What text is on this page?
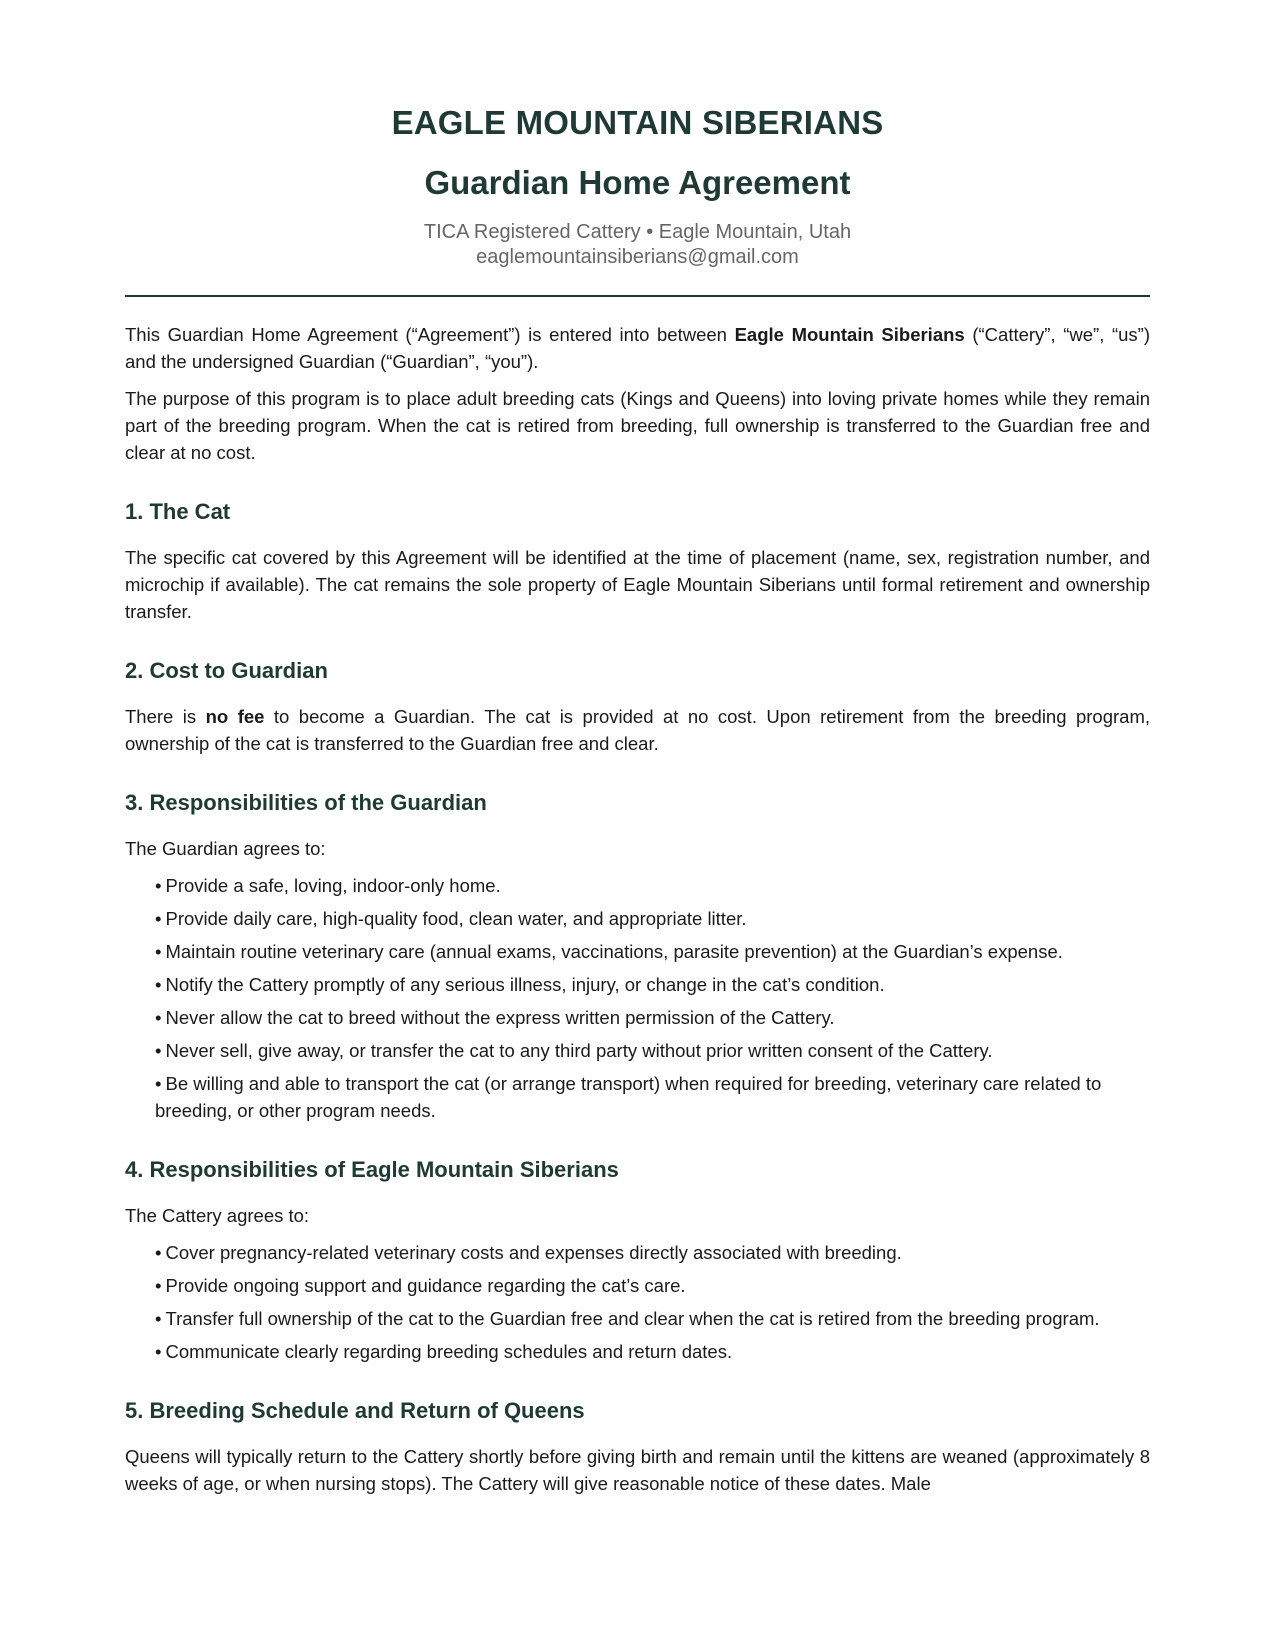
EAGLE MOUNTAIN SIBERIANS
Guardian Home Agreement
TICA Registered Cattery • Eagle Mountain, Utah
eaglemountainsiberians@gmail.com

This Guardian Home Agreement (“Agreement”) is entered into between Eagle Mountain Siberians (“Cattery”, “we”, “us”) and the undersigned Guardian (“Guardian”, “you”).

The purpose of this program is to place adult breeding cats (Kings and Queens) into loving private homes while they remain part of the breeding program. When the cat is retired from breeding, full ownership is transferred to the Guardian free and clear at no cost.

1. The Cat

The specific cat covered by this Agreement will be identified at the time of placement (name, sex, registration number, and microchip if available). The cat remains the sole property of Eagle Mountain Siberians until formal retirement and ownership transfer.

2. Cost to Guardian

There is no fee to become a Guardian. The cat is provided at no cost. Upon retirement from the breeding program, ownership of the cat is transferred to the Guardian free and clear.

3. Responsibilities of the Guardian

The Guardian agrees to:

• Provide a safe, loving, indoor-only home.
• Provide daily care, high-quality food, clean water, and appropriate litter.
• Maintain routine veterinary care (annual exams, vaccinations, parasite prevention) at the Guardian’s expense.
• Notify the Cattery promptly of any serious illness, injury, or change in the cat’s condition.
• Never allow the cat to breed without the express written permission of the Cattery.
• Never sell, give away, or transfer the cat to any third party without prior written consent of the Cattery.
• Be willing and able to transport the cat (or arrange transport) when required for breeding, veterinary care related to breeding, or other program needs.
4. Responsibilities of Eagle Mountain Siberians

The Cattery agrees to:

• Cover pregnancy-related veterinary costs and expenses directly associated with breeding.
• Provide ongoing support and guidance regarding the cat’s care.
• Transfer full ownership of the cat to the Guardian free and clear when the cat is retired from the breeding program.
• Communicate clearly regarding breeding schedules and return dates.
5. Breeding Schedule and Return of Queens

Queens will typically return to the Cattery shortly before giving birth and remain until the kittens are weaned (approximately 8 weeks of age, or when nursing stops). The Cattery will give reasonable notice of these dates. Male
